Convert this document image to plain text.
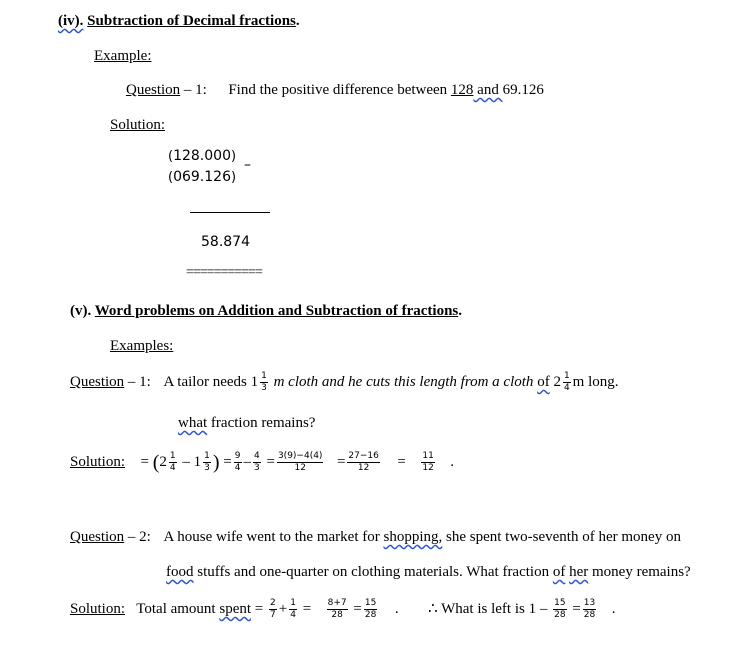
(iv). Subtraction of Decimal fractions.
Example:
Question – 1: Find the positive difference between 128 and 69.126
Solution:
(128.000)
(069.126)
–
58.874
===========
(v). Word problems on Addition and Subtraction of fractions.
Examples:
Question – 1: A tailor needs $1 \frac{1}{3}$ m cloth and he cuts this length from a cloth of $2 \frac{1}{4}$ m long.
what fraction remains?
Solution: = ($2 \frac{1}{4} - 1 \frac{1}{3}$ ) = $\frac{9}{4} - \frac{4}{3} = \frac{3(9)-4(4)}{12} = \frac{27-16}{12} = \frac{11}{12}$ .
Question – 2: A house wife went to the market for shopping, she spent two-seventh of her money on
food stuffs and one-quarter on clothing materials. What fraction of her money remains?
Solution: Total amount spent = $\frac{2}{7} + \frac{1}{4} = \frac{8+7}{28} = \frac{15}{28}$ . ∴ What is left is $1 - \frac{15}{28} = \frac{13}{28}$ .
